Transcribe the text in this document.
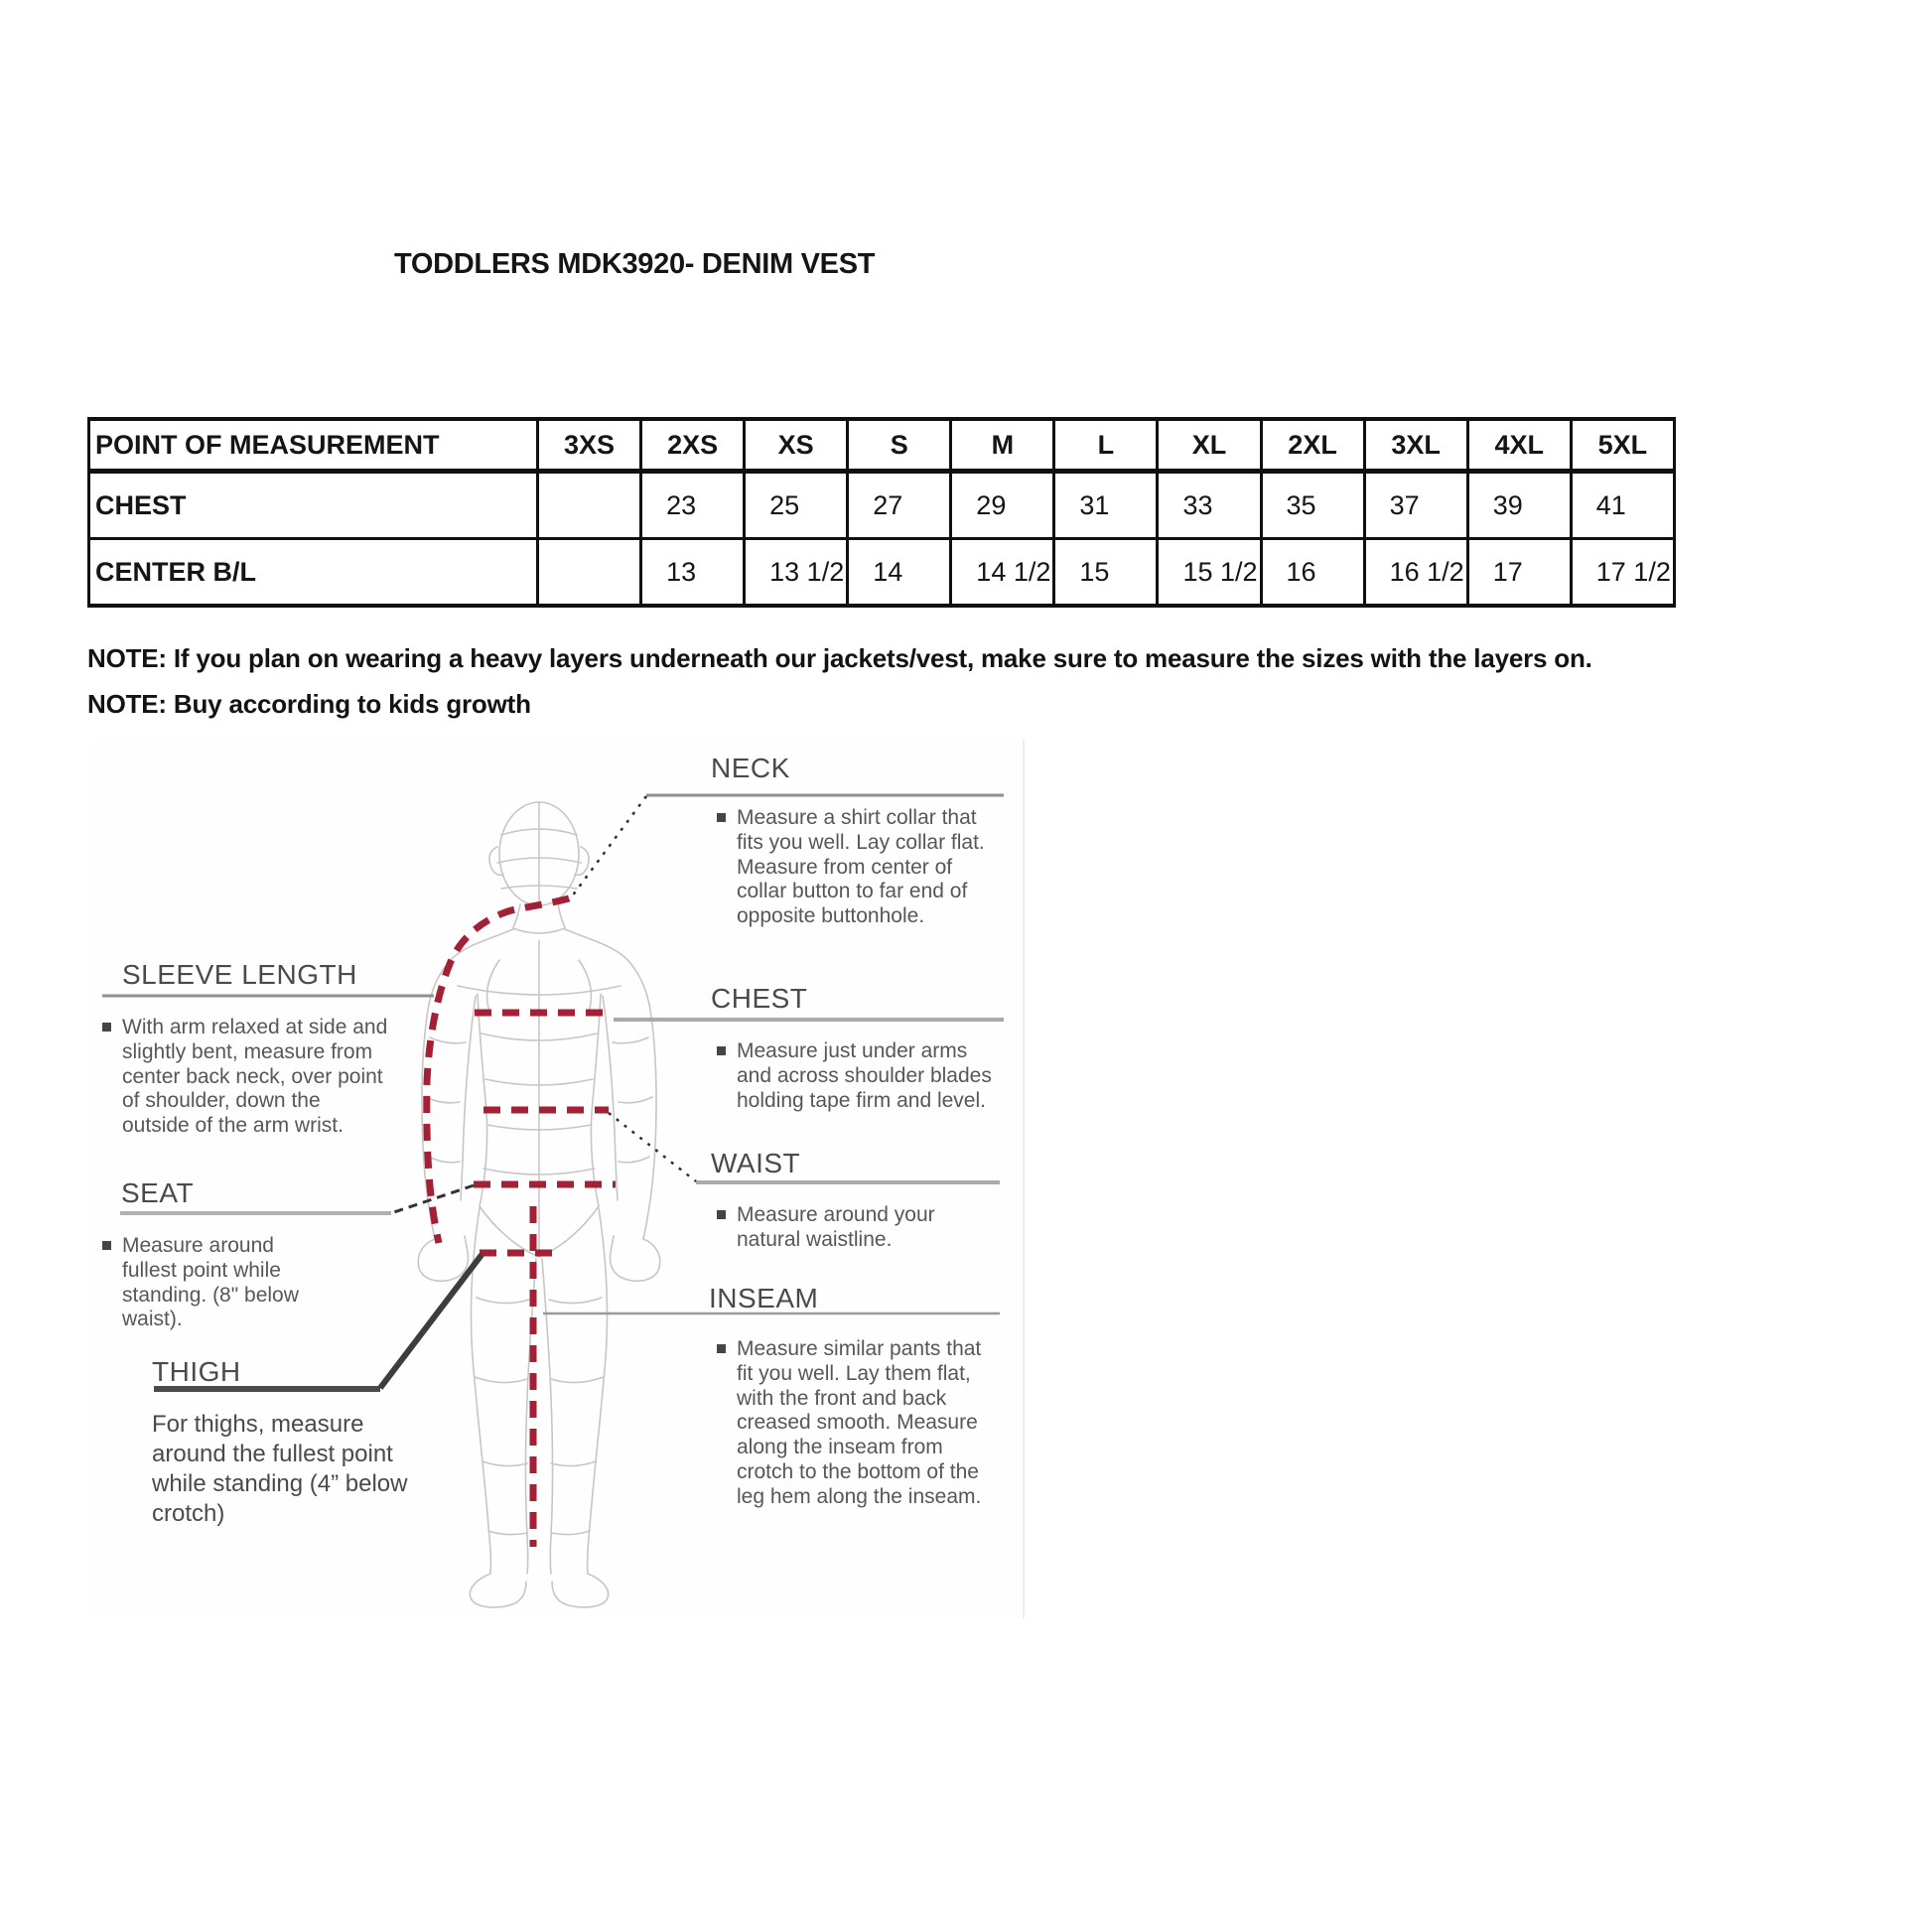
TODDLERS MDK3920- DENIM VEST
POINT OF MEASUREMENT	3XS	2XS	XS	S	M	L	XL	2XL	3XL	4XL	5XL
CHEST		23	25	27	29	31	33	35	37	39	41
CENTER B/L		13	13 1/2	14	14 1/2	15	15 1/2	16	16 1/2	17	17 1/2
NOTE: If you plan on wearing a heavy layers underneath our jackets/vest, make sure to measure the sizes with the layers on.
NOTE: Buy according to kids growth
NECK
Measure a shirt collar that fits you well. Lay collar flat. Measure from center of collar button to far end of opposite buttonhole.
SLEEVE LENGTH
With arm relaxed at side and slightly bent, measure from center back neck, over point of shoulder, down the outside of the arm wrist.
CHEST
Measure just under arms and across shoulder blades holding tape firm and level.
WAIST
Measure around your natural waistline.
SEAT
Measure around fullest point while standing. (8" below waist).
INSEAM
Measure similar pants that fit you well. Lay them flat, with the front and back creased smooth. Measure along the inseam from crotch to the bottom of the leg hem along the inseam.
THIGH
For thighs, measure around the fullest point while standing (4” below crotch)
